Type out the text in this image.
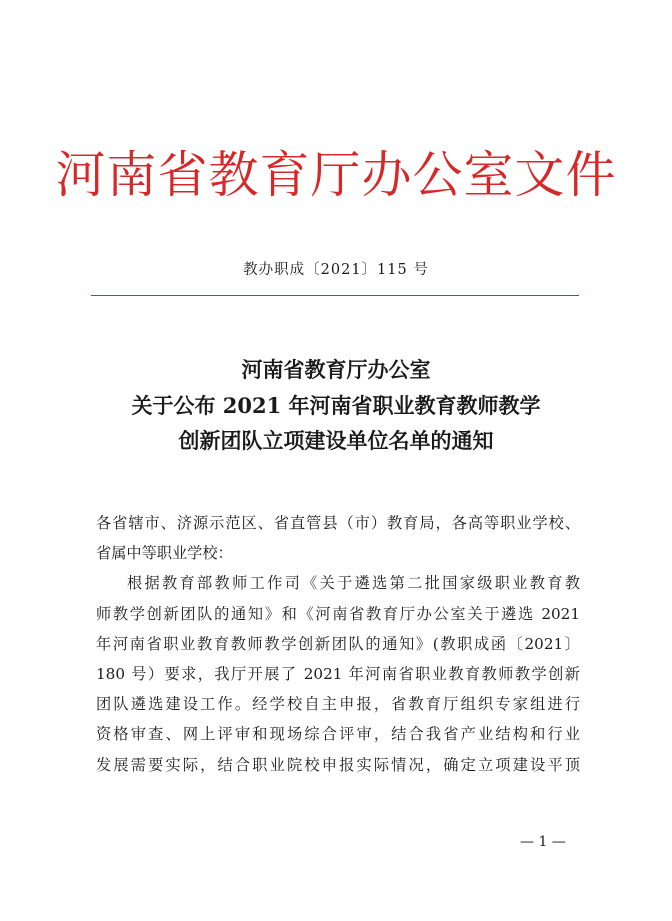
河南省教育厅办公室文件
教办职成〔2021〕115 号
河南省教育厅办公室
关于公布 2021 年河南省职业教育教师教学
创新团队立项建设单位名单的通知
各省辖市、济源示范区、省直管县（市）教育局，各高等职业学校、
省属中等职业学校：
根据教育部教师工作司《关于遴选第二批国家级职业教育教
师教学创新团队的通知》和《河南省教育厅办公室关于遴选 2021
年河南省职业教育教师教学创新团队的通知》(教职成函〔2021〕
180 号）要求，我厅开展了 2021 年河南省职业教育教师教学创新
团队遴选建设工作。经学校自主申报，省教育厅组织专家组进行
资格审查、网上评审和现场综合评审，结合我省产业结构和行业
发展需要实际，结合职业院校申报实际情况，确定立项建设平顶
— 1 —
